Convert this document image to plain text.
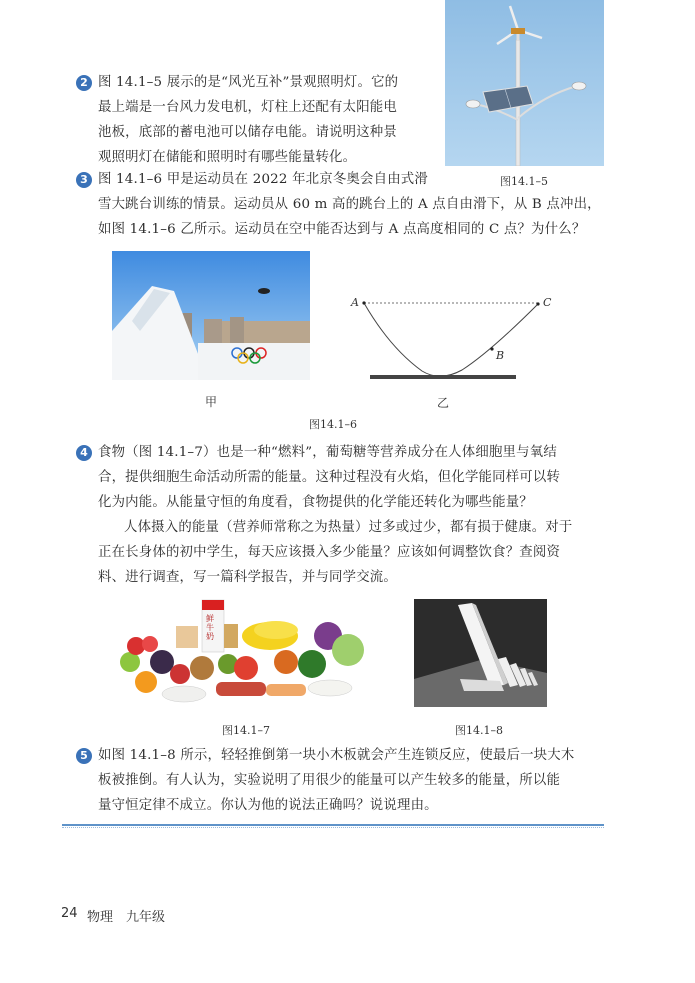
2 图 14.1–5 展示的是“风光互补”景观照明灯。它的
最上端是一台风力发电机，灯柱上还配有太阳能电
池板，底部的蓄电池可以储存电能。请说明这种景
观照明灯在储能和照明时有哪些能量转化。
图14.1–5
3 图 14.1–6 甲是运动员在 2022 年北京冬奥会自由式滑
雪大跳台训练的情景。运动员从 60 m 高的跳台上的 A 点自由滑下，从 B 点冲出，
如图 14.1–6 乙所示。运动员在空中能否达到与 A 点高度相同的 C 点？为什么？
甲
A	C
B
乙
图14.1–6
4 食物（图 14.1–7）也是一种“燃料”，葡萄糖等营养成分在人体细胞里与氧结
合，提供细胞生命活动所需的能量。这种过程没有火焰，但化学能同样可以转
化为内能。从能量守恒的角度看，食物提供的化学能还转化为哪些能量？
人体摄入的能量（营养师常称之为热量）过多或过少，都有损于健康。对于
正在长身体的初中学生，每天应该摄入多少能量？应该如何调整饮食？查阅资
料、进行调查，写一篇科学报告，并与同学交流。
鲜牛奶
图14.1–7	图14.1–8
5 如图 14.1–8 所示，轻轻推倒第一块小木板就会产生连锁反应，使最后一块大木
板被推倒。有人认为，实验说明了用很少的能量可以产生较多的能量，所以能
量守恒定律不成立。你认为他的说法正确吗？说说理由。
24 物理 九年级
